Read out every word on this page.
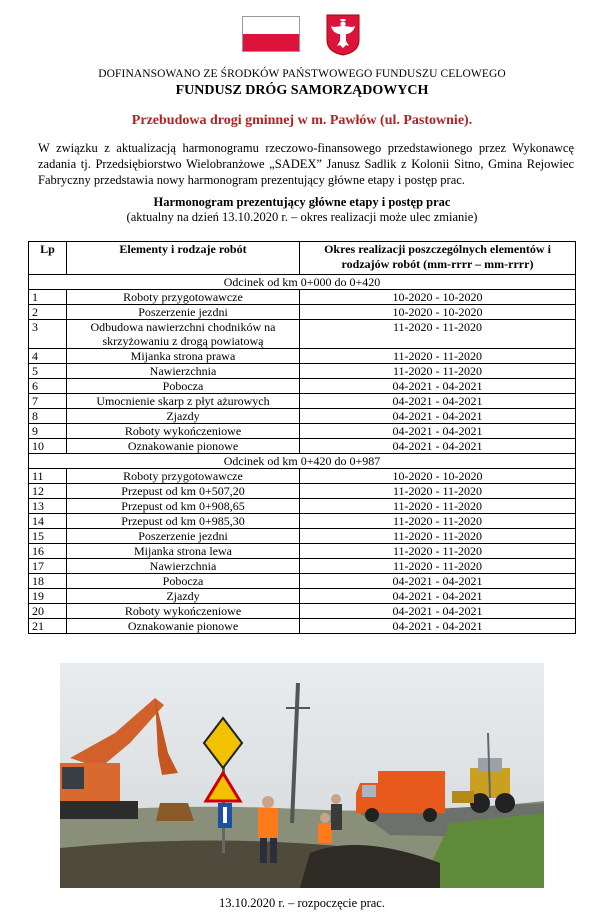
DOFINANSOWANO ZE ŚRODKÓW PAŃSTWOWEGO FUNDUSZU CELOWEGO
FUNDUSZ DRÓG SAMORZĄDOWYCH
Przebudowa drogi gminnej w m. Pawłów (ul. Pastownie).
W związku z aktualizacją harmonogramu rzeczowo-finansowego przedstawionego przez Wykonawcę zadania tj. Przedsiębiorstwo Wielobranżowe „SADEX” Janusz Sadlik z Kolonii Sitno, Gmina Rejowiec Fabryczny przedstawia nowy harmonogram prezentujący główne etapy i postęp prac.
Harmonogram prezentujący główne etapy i postęp prac
(aktualny na dzień 13.10.2020 r. – okres realizacji może ulec zmianie)
Lp	Elementy i rodzaje robót	Okres realizacji poszczególnych elementów i rodzajów robót (mm-rrrr – mm-rrrr)
Odcinek od km 0+000 do 0+420		
1	Roboty przygotowawcze	10-2020 - 10-2020
2	Poszerzenie jezdni	10-2020 - 10-2020
3	Odbudowa nawierzchni chodników na skrzyżowaniu z drogą powiatową	11-2020 - 11-2020
4	Mijanka strona prawa	11-2020 - 11-2020
5	Nawierzchnia	11-2020 - 11-2020
6	Pobocza	04-2021 - 04-2021
7	Umocnienie skarp z płyt ażurowych	04-2021 - 04-2021
8	Zjazdy	04-2021 - 04-2021
9	Roboty wykończeniowe	04-2021 - 04-2021
10	Oznakowanie pionowe	04-2021 - 04-2021
Odcinek od km 0+420 do 0+987		
11	Roboty przygotowawcze	10-2020 - 10-2020
12	Przepust od km 0+507,20	11-2020 - 11-2020
13	Przepust od km 0+908,65	11-2020 - 11-2020
14	Przepust od km 0+985,30	11-2020 - 11-2020
15	Poszerzenie jezdni	11-2020 - 11-2020
16	Mijanka strona lewa	11-2020 - 11-2020
17	Nawierzchnia	11-2020 - 11-2020
18	Pobocza	04-2021 - 04-2021
19	Zjazdy	04-2021 - 04-2021
20	Roboty wykończeniowe	04-2021 - 04-2021
21	Oznakowanie pionowe	04-2021 - 04-2021
13.10.2020 r. – rozpoczęcie prac.
